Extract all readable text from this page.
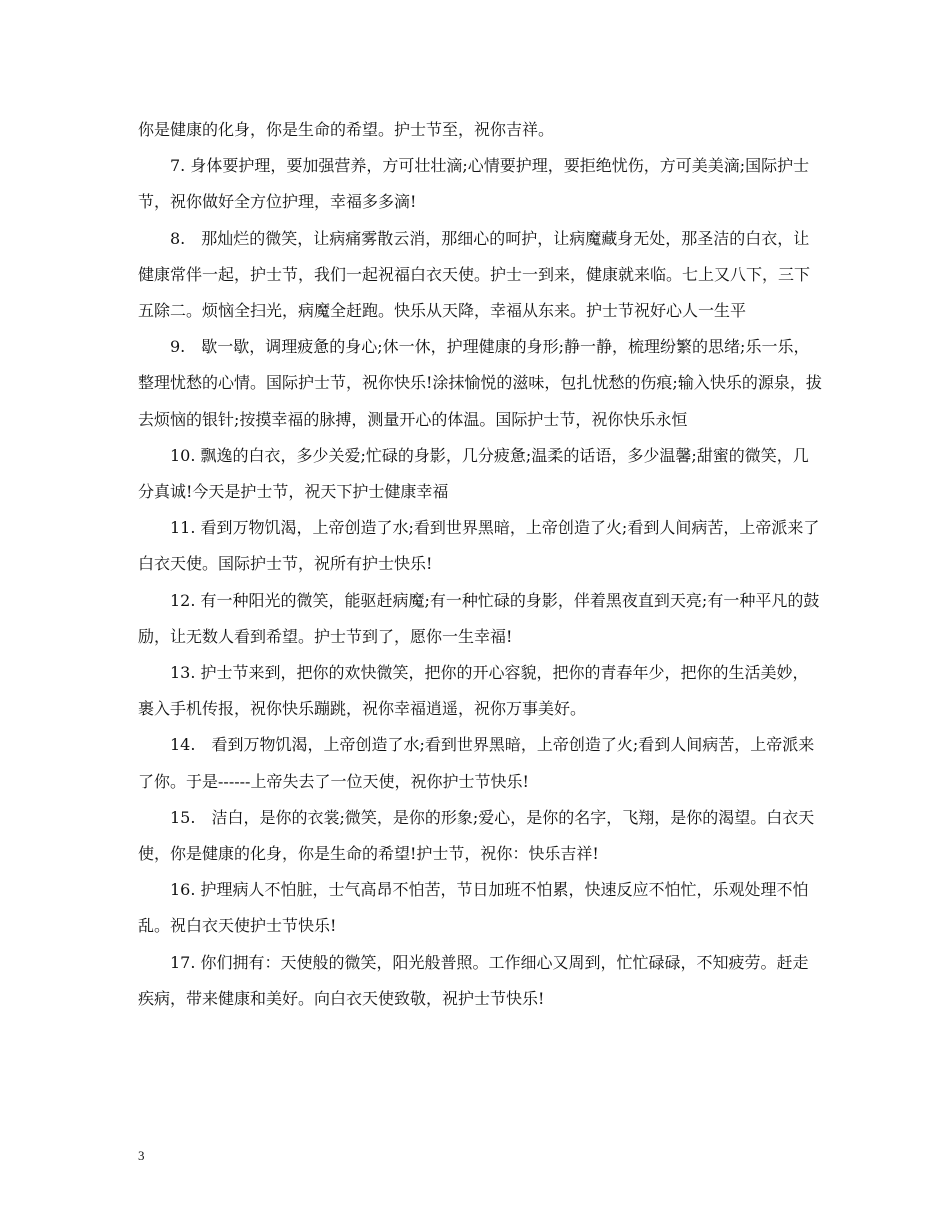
你是健康的化身，你是生命的希望。护士节至，祝你吉祥。

7. 身体要护理，要加强营养，方可壮壮滴;心情要护理，要拒绝忧伤，方可美美滴;国际护士节，祝你做好全方位护理，幸福多多滴!

8.　那灿烂的微笑，让病痛雾散云消，那细心的呵护，让病魔藏身无处，那圣洁的白衣，让健康常伴一起，护士节，我们一起祝福白衣天使。护士一到来，健康就来临。七上又八下，三下五除二。烦恼全扫光，病魔全赶跑。快乐从天降，幸福从东来。护士节祝好心人一生平

9.　歇一歇，调理疲惫的身心;休一休，护理健康的身形;静一静，梳理纷繁的思绪;乐一乐，整理忧愁的心情。国际护士节，祝你快乐!涂抹愉悦的滋味，包扎忧愁的伤痕;输入快乐的源泉，拔去烦恼的银针;按摸幸福的脉搏，测量开心的体温。国际护士节，祝你快乐永恒

10. 飘逸的白衣，多少关爱;忙碌的身影，几分疲惫;温柔的话语，多少温馨;甜蜜的微笑，几分真诚!今天是护士节，祝天下护士健康幸福

11. 看到万物饥渴，上帝创造了水;看到世界黑暗，上帝创造了火;看到人间病苦，上帝派来了白衣天使。国际护士节，祝所有护士快乐!

12. 有一种阳光的微笑，能驱赶病魔;有一种忙碌的身影，伴着黑夜直到天亮;有一种平凡的鼓励，让无数人看到希望。护士节到了，愿你一生幸福!

13. 护士节来到，把你的欢快微笑，把你的开心容貌，把你的青春年少，把你的生活美妙，裹入手机传报，祝你快乐蹦跳，祝你幸福逍遥，祝你万事美好。

14.　看到万物饥渴，上帝创造了水;看到世界黑暗，上帝创造了火;看到人间病苦，上帝派来了你。于是------上帝失去了一位天使，祝你护士节快乐!

15.　洁白，是你的衣裳;微笑，是你的形象;爱心，是你的名字，飞翔，是你的渴望。白衣天使，你是健康的化身，你是生命的希望!护士节，祝你：快乐吉祥!

16. 护理病人不怕脏，士气高昂不怕苦，节日加班不怕累，快速反应不怕忙，乐观处理不怕乱。祝白衣天使护士节快乐!

17. 你们拥有：天使般的微笑，阳光般普照。工作细心又周到，忙忙碌碌，不知疲劳。赶走疾病，带来健康和美好。向白衣天使致敬，祝护士节快乐!

3
